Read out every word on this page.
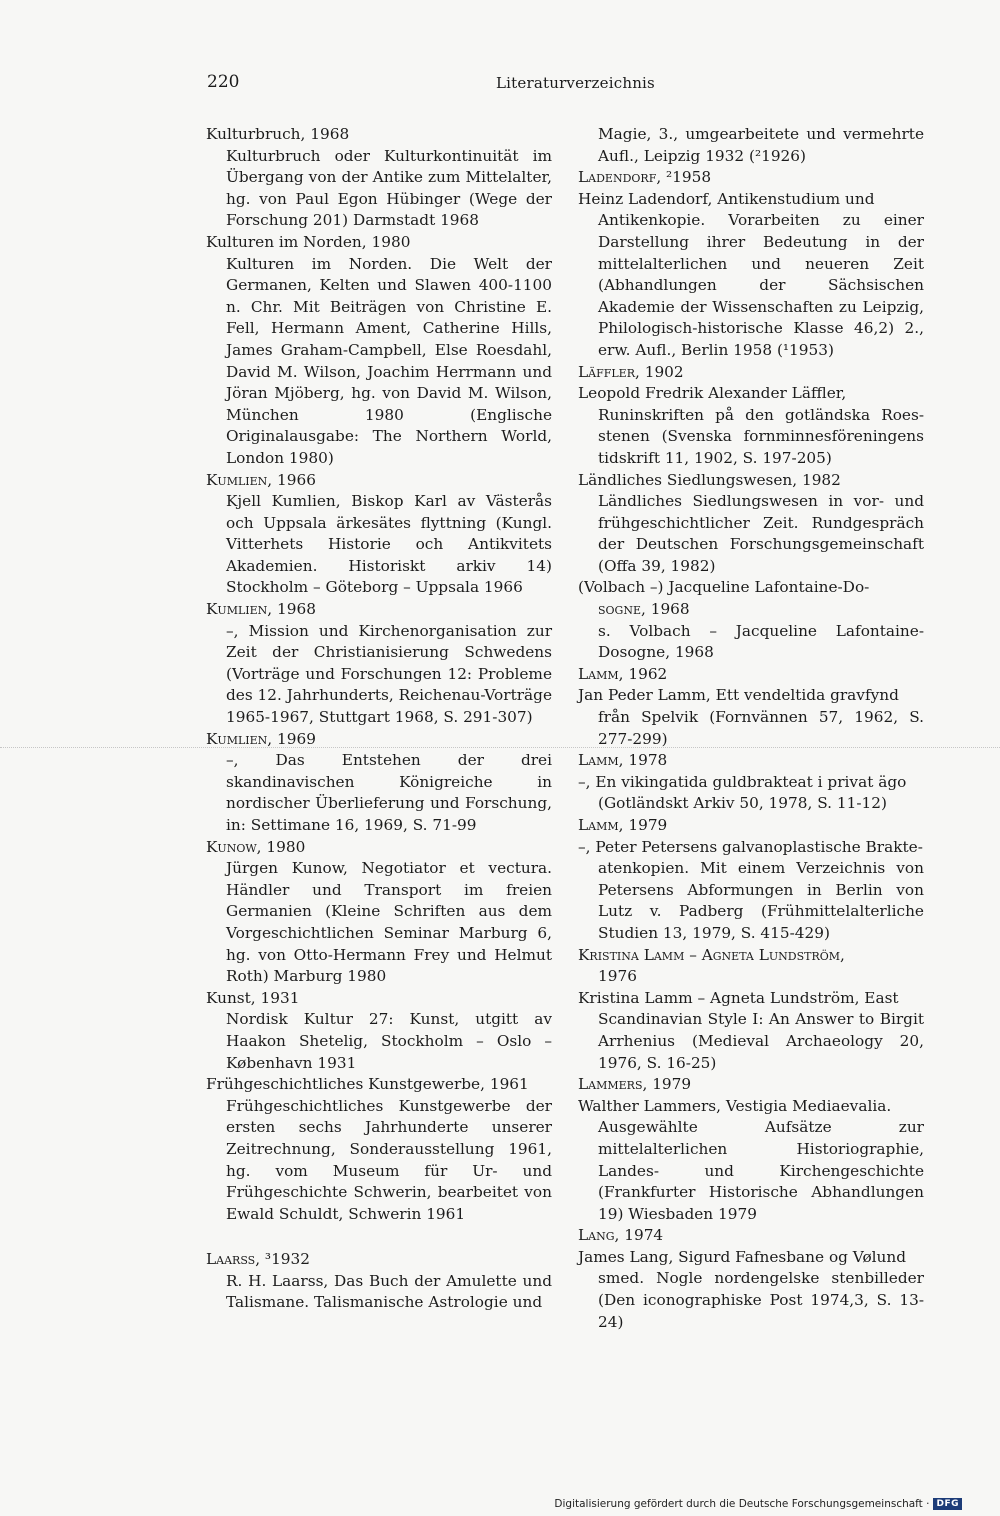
220	Literaturverzeichnis

Kulturbruch, 1968

Kulturbruch oder Kulturkontinuität im Übergang von der Antike zum Mittelalter, hg. von Paul Egon Hübinger (Wege der Forschung 201) Darmstadt 1968

Kulturen im Norden, 1980

Kulturen im Norden. Die Welt der Germanen, Kelten und Slawen 400-1100 n. Chr. Mit Beiträgen von Christine E. Fell, Hermann Ament, Catherine Hills, James Graham-Campbell, Else Roesdahl, David M. Wilson, Joachim Herrmann und Jöran Mjöberg, hg. von David M. Wilson, München 1980 (Englische Originalausgabe: The Northern World, London 1980)

Kumlien, 1966

Kjell Kumlien, Biskop Karl av Västerås och Uppsala ärkesätes flyttning (Kungl. Vitterhets Historie och Antikvitets Akademien. Historiskt arkiv 14) Stockholm – Göteborg – Uppsala 1966

Kumlien, 1968

–, Mission und Kirchenorganisation zur Zeit der Christianisierung Schwedens (Vorträge und Forschungen 12: Probleme des 12. Jahrhunderts, Reichenau-Vorträge 1965-1967, Stuttgart 1968, S. 291-307)

Kumlien, 1969

–, Das Entstehen der drei skandinavischen Königreiche in nordischer Überlieferung und Forschung, in: Settimane 16, 1969, S. 71-99

Kunow, 1980

Jürgen Kunow, Negotiator et vectura. Händler und Transport im freien Germanien (Kleine Schriften aus dem Vorgeschichtlichen Seminar Marburg 6, hg. von Otto-Hermann Frey und Helmut Roth) Marburg 1980

Kunst, 1931

Nordisk Kultur 27: Kunst, utgitt av Haakon Shetelig, Stockholm – Oslo – København 1931

Frühgeschichtliches Kunstgewerbe, 1961

Frühgeschichtliches Kunstgewerbe der ersten sechs Jahrhunderte unserer Zeitrechnung, Sonderausstellung 1961, hg. vom Museum für Ur- und Frühgeschichte Schwerin, bearbeitet von Ewald Schuldt, Schwerin 1961

Laarss, ³1932

R. H. Laarss, Das Buch der Amulette und Talismane. Talismanische Astrologie und

Magie, 3., umgearbeitete und vermehrte Aufl., Leipzig 1932 (²1926)

Ladendorf, ²1958

Heinz Ladendorf, Antikenstudium und

Antikenkopie. Vorarbeiten zu einer Darstellung ihrer Bedeutung in der mittelalterlichen und neueren Zeit (Abhandlungen der Sächsischen Akademie der Wissenschaften zu Leipzig, Philologisch-historische Klasse 46,2) 2., erw. Aufl., Berlin 1958 (¹1953)

Läffler, 1902

Leopold Fredrik Alexander Läffler,

Runinskriften på den gotländska Roes-stenen (Svenska fornminnesföreningens tidskrift 11, 1902, S. 197-205)

Ländliches Siedlungswesen, 1982

Ländliches Siedlungswesen in vor- und frühgeschichtlicher Zeit. Rundgespräch der Deutschen Forschungsgemeinschaft (Offa 39, 1982)

(Volbach –) Jacqueline Lafontaine-Do-

sogne, 1968

s. Volbach – Jacqueline Lafontaine-Dosogne, 1968

Lamm, 1962

Jan Peder Lamm, Ett vendeltida gravfynd

från Spelvik (Fornvännen 57, 1962, S. 277-299)

Lamm, 1978

–, En vikingatida guldbrakteat i privat ägo

(Gotländskt Arkiv 50, 1978, S. 11-12)

Lamm, 1979

–, Peter Petersens galvanoplastische Brakte-

atenkopien. Mit einem Verzeichnis von Petersens Abformungen in Berlin von Lutz v. Padberg (Frühmittelalterliche Studien 13, 1979, S. 415-429)

Kristina Lamm – Agneta Lundström,

1976

Kristina Lamm – Agneta Lundström, East

Scandinavian Style I: An Answer to Birgit Arrhenius (Medieval Archaeology 20, 1976, S. 16-25)

Lammers, 1979

Walther Lammers, Vestigia Mediaevalia.

Ausgewählte Aufsätze zur mittelalterlichen Historiographie, Landes- und Kirchengeschichte (Frankfurter Historische Abhandlungen 19) Wiesbaden 1979

Lang, 1974

James Lang, Sigurd Fafnesbane og Vølund

smed. Nogle nordengelske stenbilleder (Den iconographiske Post 1974,3, S. 13-24)

Digitalisierung gefördert durch die Deutsche Forschungsgemeinschaft · DFG
